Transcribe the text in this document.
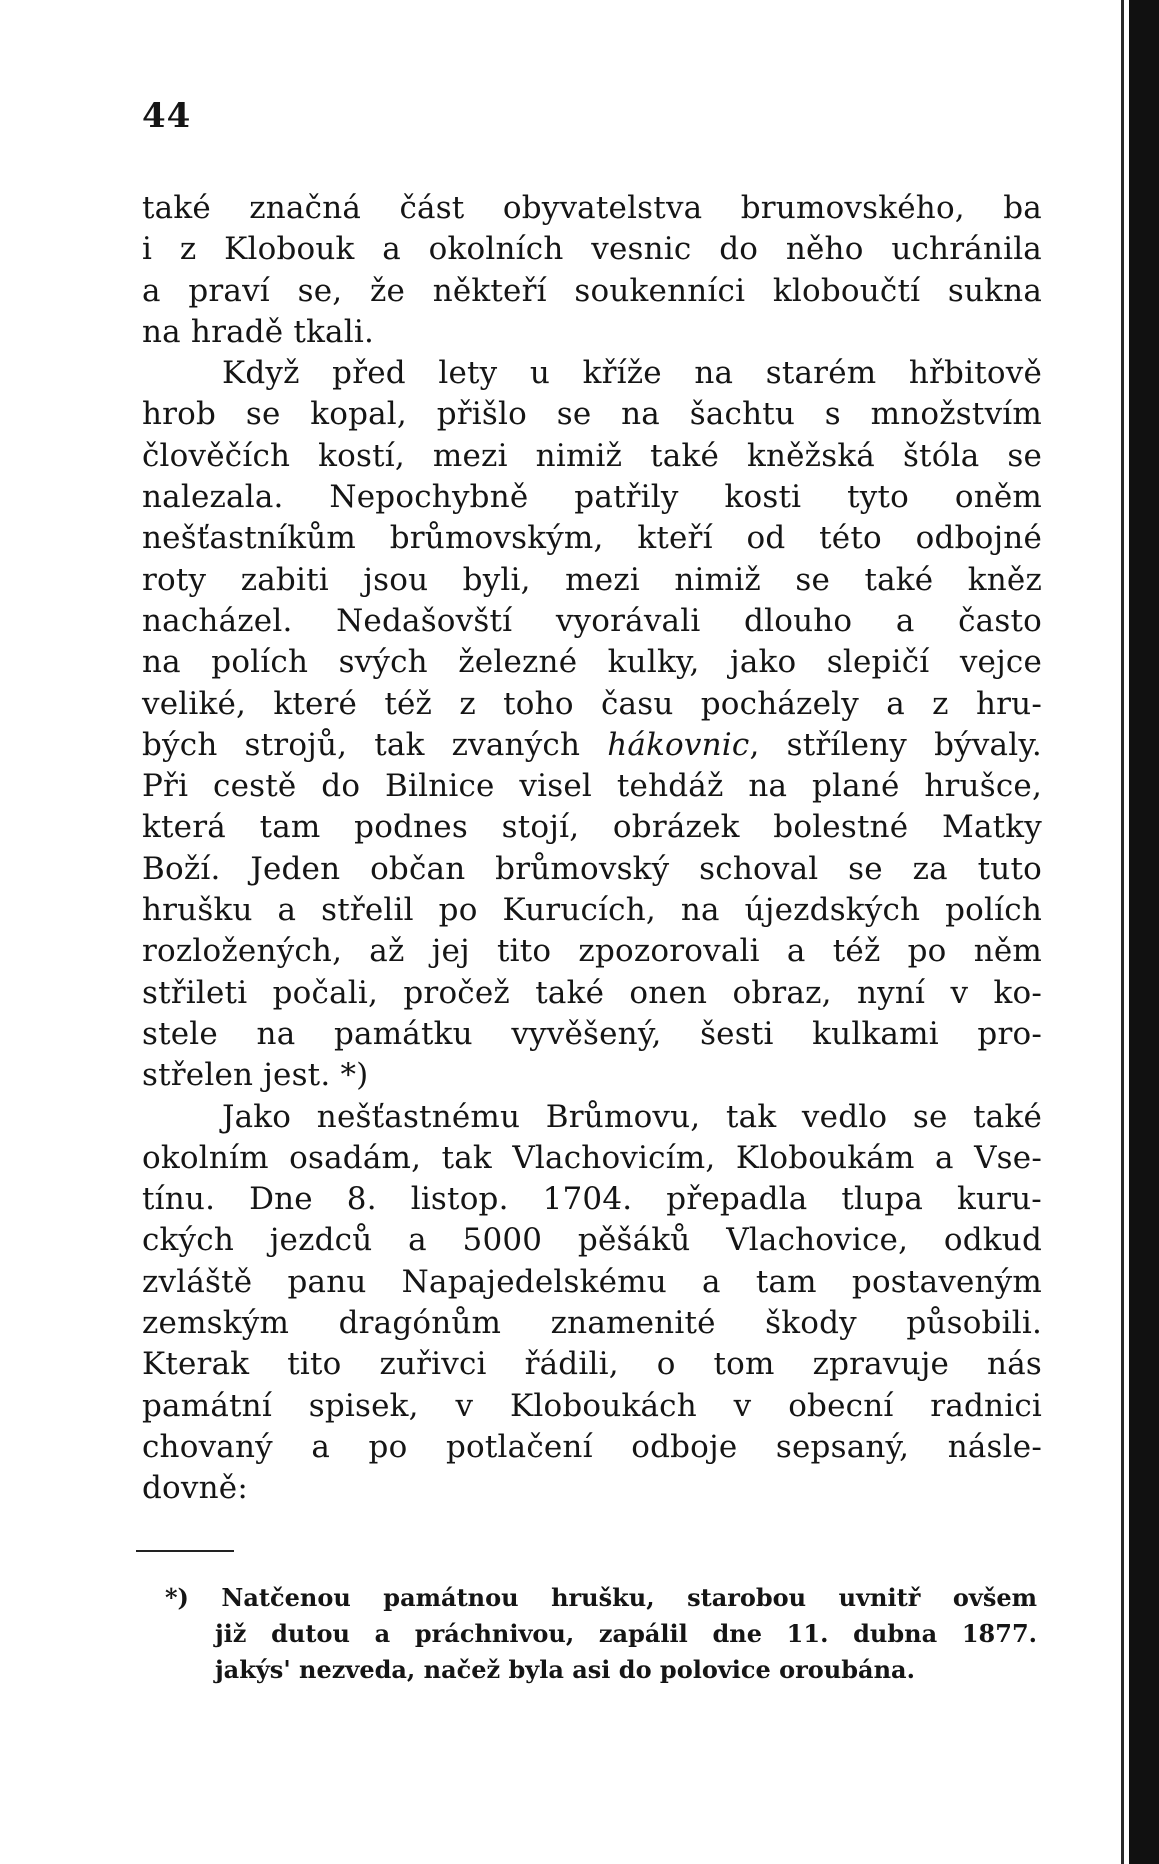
44
také značná část obyvatelstva brumovského, ba
i z Klobouk a okolních vesnic do něho uchránila
a praví se, že někteří soukenníci kloboučtí sukna
na hradě tkali.
Když před lety u kříže na starém hřbitově
hrob se kopal, přišlo se na šachtu s množstvím
člověčích kostí, mezi nimiž také kněžská štóla se
nalezala. Nepochybně patřily kosti tyto oněm
nešťastníkům brůmovským, kteří od této odbojné
roty zabiti jsou byli, mezi nimiž se také kněz
nacházel. Nedašovští vyorávali dlouho a často
na polích svých železné kulky, jako slepičí vejce
veliké, které též z toho času pocházely a z hru-
bých strojů, tak zvaných hákovnic, stříleny bývaly.
Při cestě do Bilnice visel tehdáž na plané hrušce,
která tam podnes stojí, obrázek bolestné Matky
Boží. Jeden občan brůmovský schoval se za tuto
hrušku a střelil po Kurucích, na újezdských polích
rozložených, až jej tito zpozorovali a též po něm
střileti počali, pročež také onen obraz, nyní v ko-
stele na památku vyvěšený, šesti kulkami pro-
střelen jest. *)
Jako nešťastnému Brůmovu, tak vedlo se také
okolním osadám, tak Vlachovicím, Kloboukám a Vse-
tínu. Dne 8. listop. 1704. přepadla tlupa kuru-
ckých jezdců a 5000 pěšáků Vlachovice, odkud
zvláště panu Napajedelskému a tam postaveným
zemským dragónům znamenité škody působili.
Kterak tito zuřivci řádili, o tom zpravuje nás
památní spisek, v Kloboukách v obecní radnici
chovaný a po potlačení odboje sepsaný, násle-
dovně:
*) Natčenou památnou hrušku, starobou uvnitř ovšem
již dutou a práchnivou, zapálil dne 11. dubna 1877.
jakýs' nezveda, načež byla asi do polovice oroubána.
